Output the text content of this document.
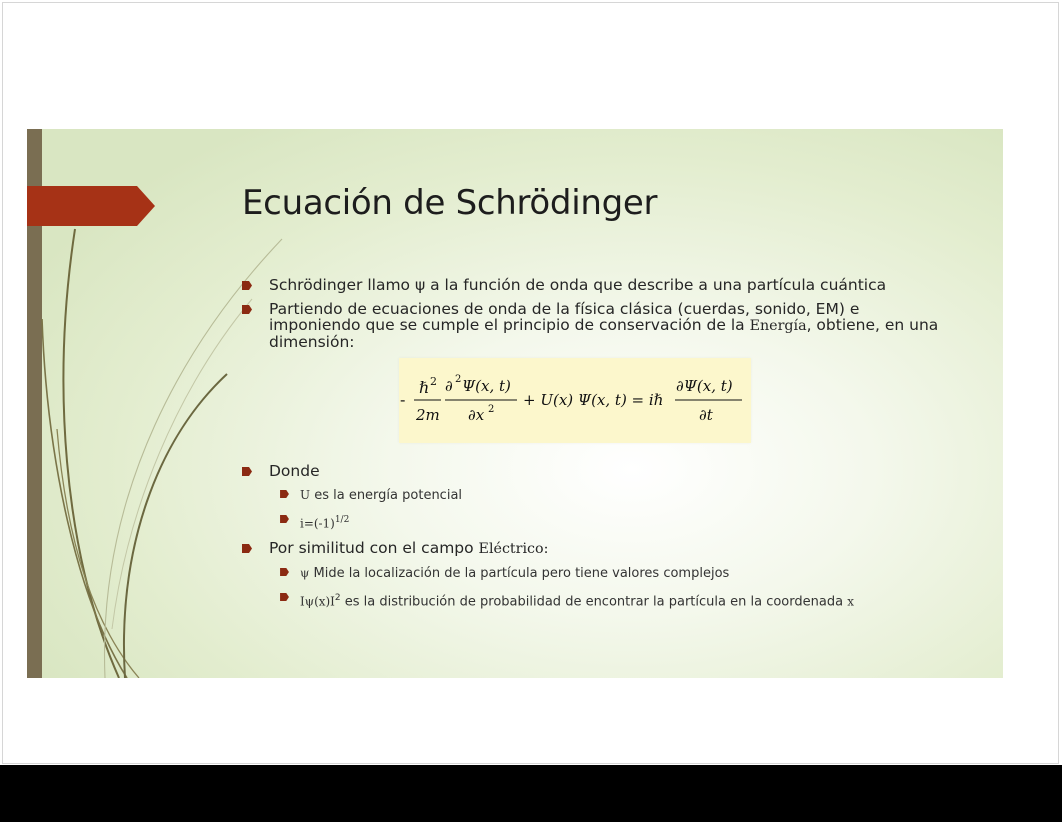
Ecuación de Schrödinger
Schrödinger llamo ψ a la función de onda que describe a una partícula cuántica
Partiendo de ecuaciones de onda de la física clásica (cuerdas, sonido, EM) e imponiendo que se cumple el principio de conservación de la Energía, obtiene, en una dimensión:
-
ℏ 2
2m
∂ 2 Ψ(x, t)
∂x 2
+ U(x) Ψ(x, t) = iℏ
∂Ψ(x, t)
∂t
Donde
U es la energía potencial
$i=(-1)^{1/2}$
Por similitud con el campo Eléctrico:
ψ Mide la localización de la partícula pero tiene valores complejos
$I\psi(x)I^2$ es la distribución de probabilidad de encontrar la partícula en la coordenada x
